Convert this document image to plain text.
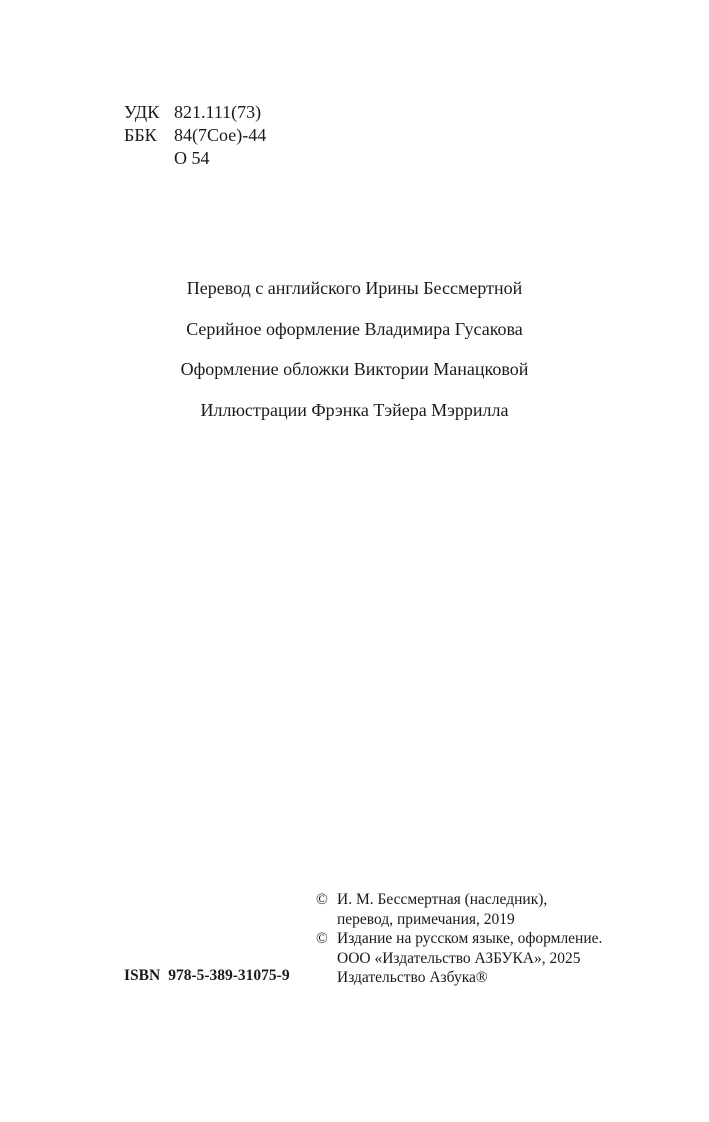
УДК 821.111(73)
ББК 84(7Сое)-44
О 54
Перевод с английского Ирины Бессмертной
Серийное оформление Владимира Гусакова
Оформление обложки Виктории Манацковой
Иллюстрации Фрэнка Тэйера Мэррилла
© И. М. Бессмертная (наследник),
перевод, примечания, 2019
© Издание на русском языке, оформление.
ООО «Издательство АЗБУКА», 2025
Издательство Азбука®
ISBN 978-5-389-31075-9
